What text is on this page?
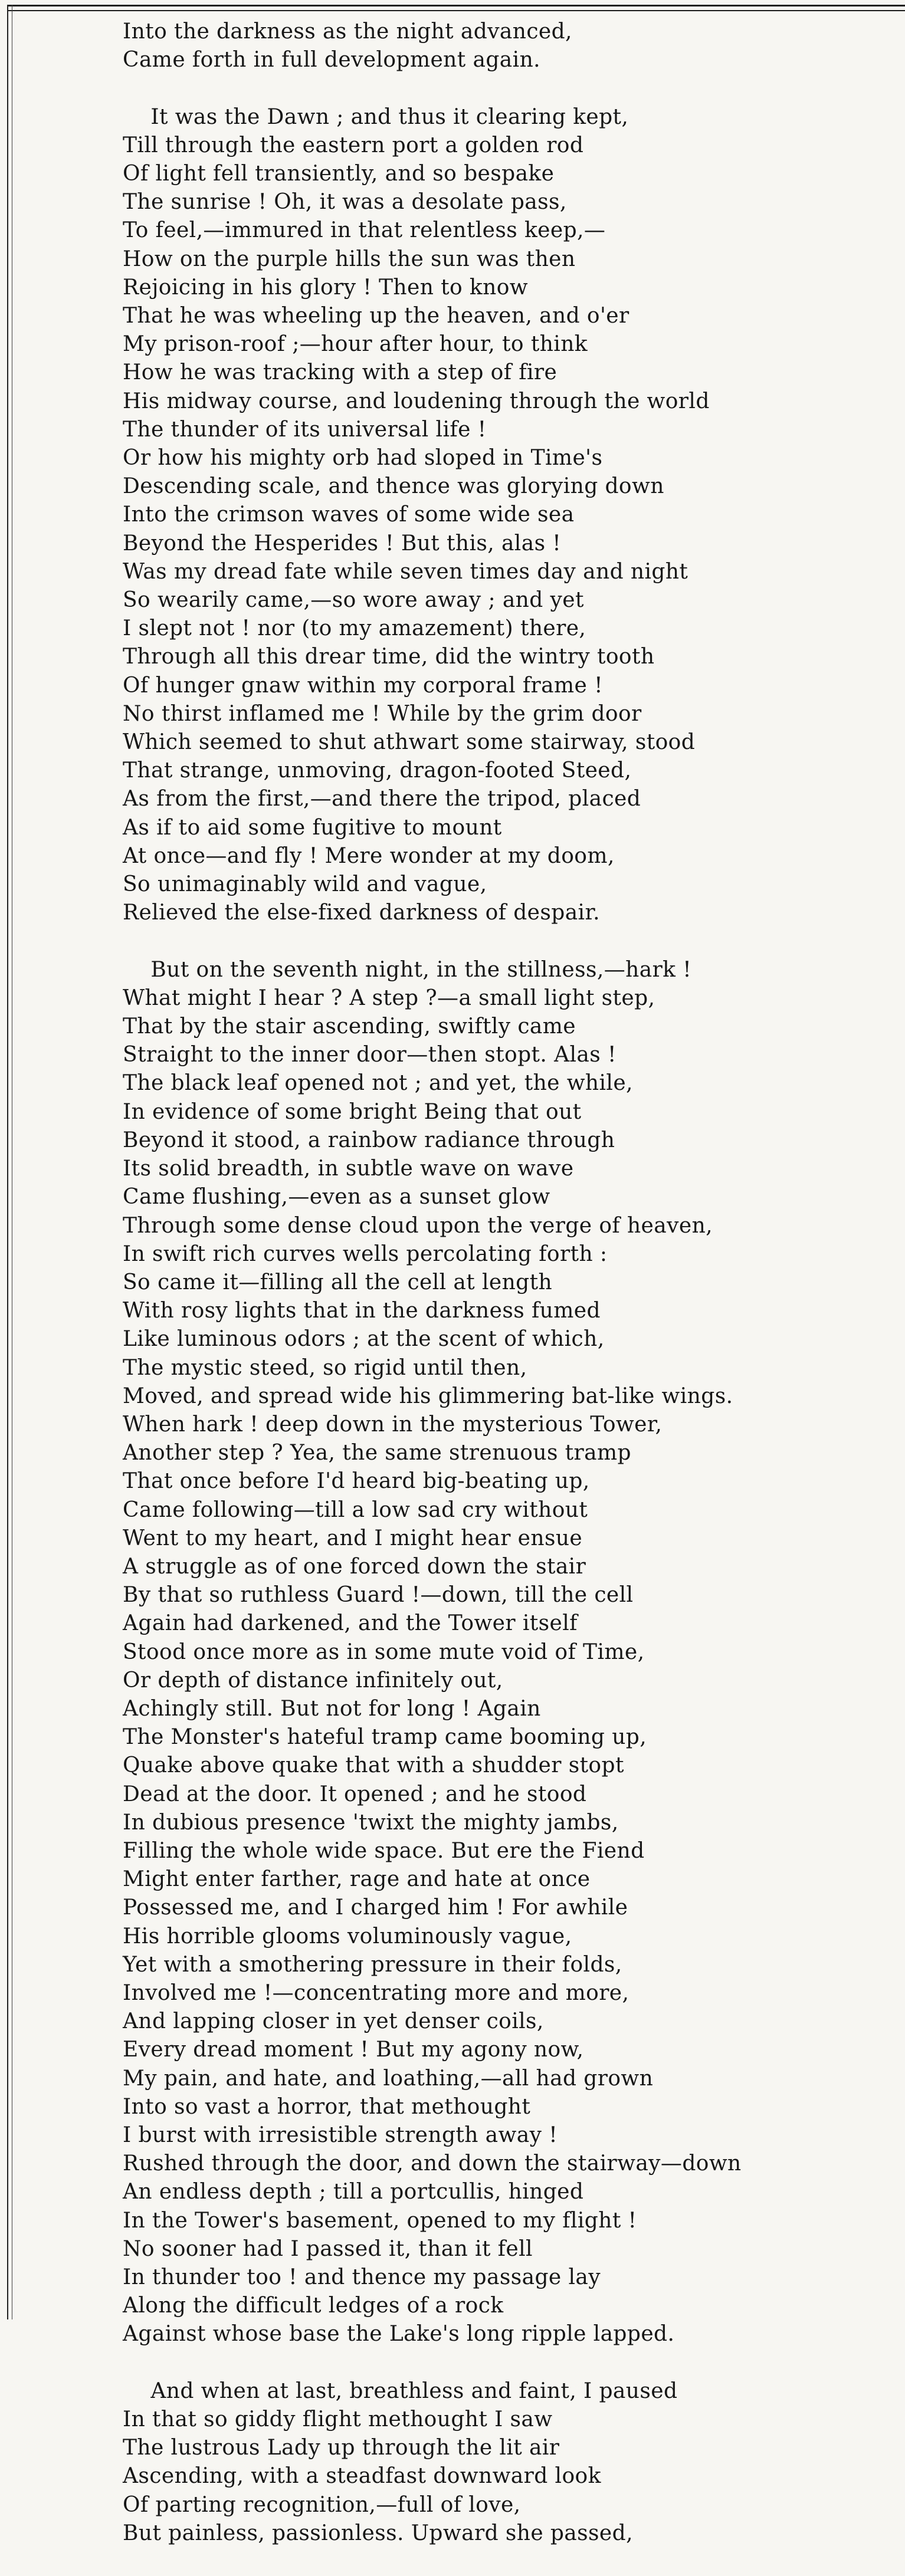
Into the darkness as the night advanced,
Came forth in full development again.
It was the Dawn ; and thus it clearing kept,
Till through the eastern port a golden rod
Of light fell transiently, and so bespake
The sunrise ! Oh, it was a desolate pass,
To feel,—immured in that relentless keep,—
How on the purple hills the sun was then
Rejoicing in his glory ! Then to know
That he was wheeling up the heaven, and o'er
My prison-roof ;—hour after hour, to think
How he was tracking with a step of fire
His midway course, and loudening through the world
The thunder of its universal life !
Or how his mighty orb had sloped in Time's
Descending scale, and thence was glorying down
Into the crimson waves of some wide sea
Beyond the Hesperides ! But this, alas !
Was my dread fate while seven times day and night
So wearily came,—so wore away ; and yet
I slept not ! nor (to my amazement) there,
Through all this drear time, did the wintry tooth
Of hunger gnaw within my corporal frame !
No thirst inflamed me ! While by the grim door
Which seemed to shut athwart some stairway, stood
That strange, unmoving, dragon-footed Steed,
As from the first,—and there the tripod, placed
As if to aid some fugitive to mount
At once—and fly ! Mere wonder at my doom,
So unimaginably wild and vague,
Relieved the else-fixed darkness of despair.
But on the seventh night, in the stillness,—hark !
What might I hear ? A step ?—a small light step,
That by the stair ascending, swiftly came
Straight to the inner door—then stopt. Alas !
The black leaf opened not ; and yet, the while,
In evidence of some bright Being that out
Beyond it stood, a rainbow radiance through
Its solid breadth, in subtle wave on wave
Came flushing,—even as a sunset glow
Through some dense cloud upon the verge of heaven,
In swift rich curves wells percolating forth :
So came it—filling all the cell at length
With rosy lights that in the darkness fumed
Like luminous odors ; at the scent of which,
The mystic steed, so rigid until then,
Moved, and spread wide his glimmering bat-like wings.
When hark ! deep down in the mysterious Tower,
Another step ? Yea, the same strenuous tramp
That once before I'd heard big-beating up,
Came following—till a low sad cry without
Went to my heart, and I might hear ensue
A struggle as of one forced down the stair
By that so ruthless Guard !—down, till the cell
Again had darkened, and the Tower itself
Stood once more as in some mute void of Time,
Or depth of distance infinitely out,
Achingly still. But not for long ! Again
The Monster's hateful tramp came booming up,
Quake above quake that with a shudder stopt
Dead at the door. It opened ; and he stood
In dubious presence 'twixt the mighty jambs,
Filling the whole wide space. But ere the Fiend
Might enter farther, rage and hate at once
Possessed me, and I charged him ! For awhile
His horrible glooms voluminously vague,
Yet with a smothering pressure in their folds,
Involved me !—concentrating more and more,
And lapping closer in yet denser coils,
Every dread moment ! But my agony now,
My pain, and hate, and loathing,—all had grown
Into so vast a horror, that methought
I burst with irresistible strength away !
Rushed through the door, and down the stairway—down
An endless depth ; till a portcullis, hinged
In the Tower's basement, opened to my flight !
No sooner had I passed it, than it fell
In thunder too ! and thence my passage lay
Along the difficult ledges of a rock
Against whose base the Lake's long ripple lapped.
And when at last, breathless and faint, I paused
In that so giddy flight methought I saw
The lustrous Lady up through the lit air
Ascending, with a steadfast downward look
Of parting recognition,—full of love,
But painless, passionless. Upward she passed,
